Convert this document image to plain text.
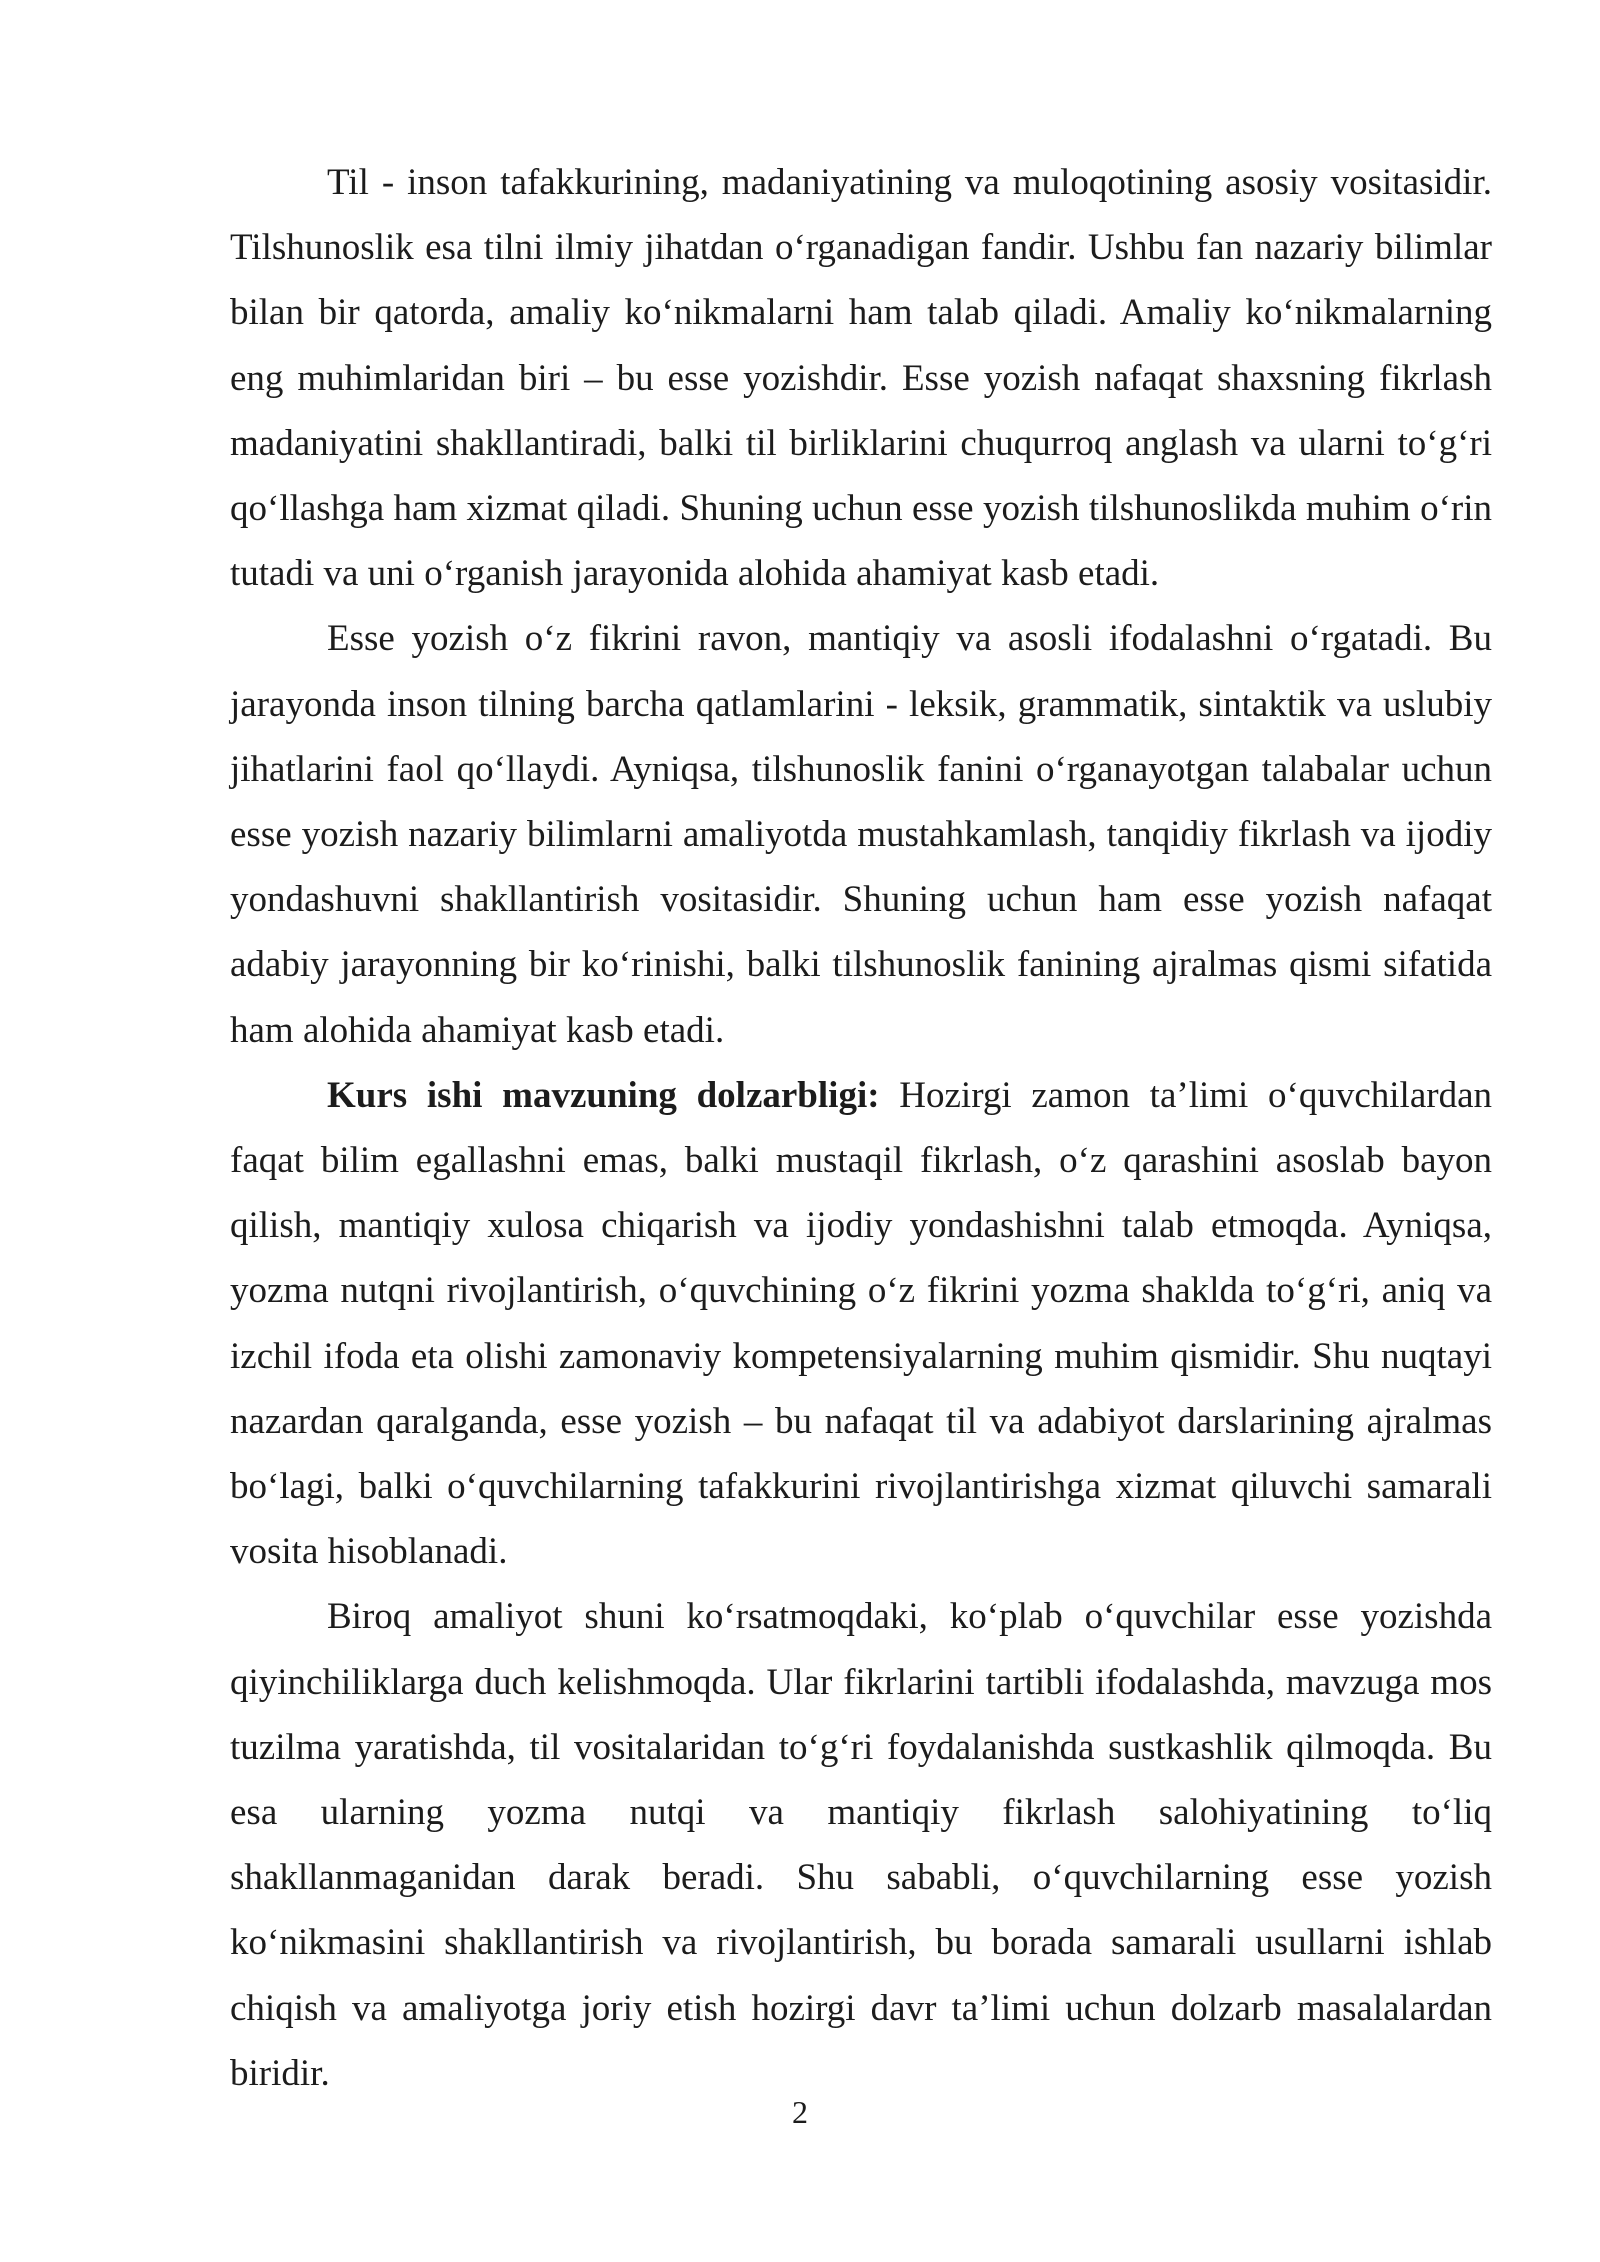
Til - inson tafakkurining, madaniyatining va muloqotining asosiy vositasidir. Tilshunoslik esa tilni ilmiy jihatdan o‘rganadigan fandir. Ushbu fan nazariy bilimlar bilan bir qatorda, amaliy ko‘nikmalarni ham talab qiladi. Amaliy ko‘nikmalarning eng muhimlaridan biri – bu esse yozishdir. Esse yozish nafaqat shaxsning fikrlash madaniyatini shakllantiradi, balki til birliklarini chuqurroq anglash va ularni to‘g‘ri qo‘llashga ham xizmat qiladi. Shuning uchun esse yozish tilshunoslikda muhim o‘rin tutadi va uni o‘rganish jarayonida alohida ahamiyat kasb etadi.

Esse yozish o‘z fikrini ravon, mantiqiy va asosli ifodalashni o‘rgatadi. Bu jarayonda inson tilning barcha qatlamlarini - leksik, grammatik, sintaktik va uslubiy jihatlarini faol qo‘llaydi. Ayniqsa, tilshunoslik fanini o‘rganayotgan talabalar uchun esse yozish nazariy bilimlarni amaliyotda mustahkamlash, tanqidiy fikrlash va ijodiy yondashuvni shakllantirish vositasidir. Shuning uchun ham esse yozish nafaqat adabiy jarayonning bir ko‘rinishi, balki tilshunoslik fanining ajralmas qismi sifatida ham alohida ahamiyat kasb etadi.

Kurs ishi mavzuning dolzarbligi: Hozirgi zamon ta’limi o‘quvchilardan faqat bilim egallashni emas, balki mustaqil fikrlash, o‘z qarashini asoslab bayon qilish, mantiqiy xulosa chiqarish va ijodiy yondashishni talab etmoqda. Ayniqsa, yozma nutqni rivojlantirish, o‘quvchining o‘z fikrini yozma shaklda to‘g‘ri, aniq va izchil ifoda eta olishi zamonaviy kompetensiyalarning muhim qismidir. Shu nuqtayi nazardan qaralganda, esse yozish – bu nafaqat til va adabiyot darslarining ajralmas bo‘lagi, balki o‘quvchilarning tafakkurini rivojlantirishga xizmat qiluvchi samarali vosita hisoblanadi.

Biroq amaliyot shuni ko‘rsatmoqdaki, ko‘plab o‘quvchilar esse yozishda qiyinchiliklarga duch kelishmoqda. Ular fikrlarini tartibli ifodalashda, mavzuga mos tuzilma yaratishda, til vositalaridan to‘g‘ri foydalanishda sustkashlik qilmoqda. Bu esa ularning yozma nutqi va mantiqiy fikrlash salohiyatining to‘liq shakllanmaganidan darak beradi. Shu sababli, o‘quvchilarning esse yozish ko‘nikmasini shakllantirish va rivojlantirish, bu borada samarali usullarni ishlab chiqish va amaliyotga joriy etish hozirgi davr ta’limi uchun dolzarb masalalardan biridir.

2
